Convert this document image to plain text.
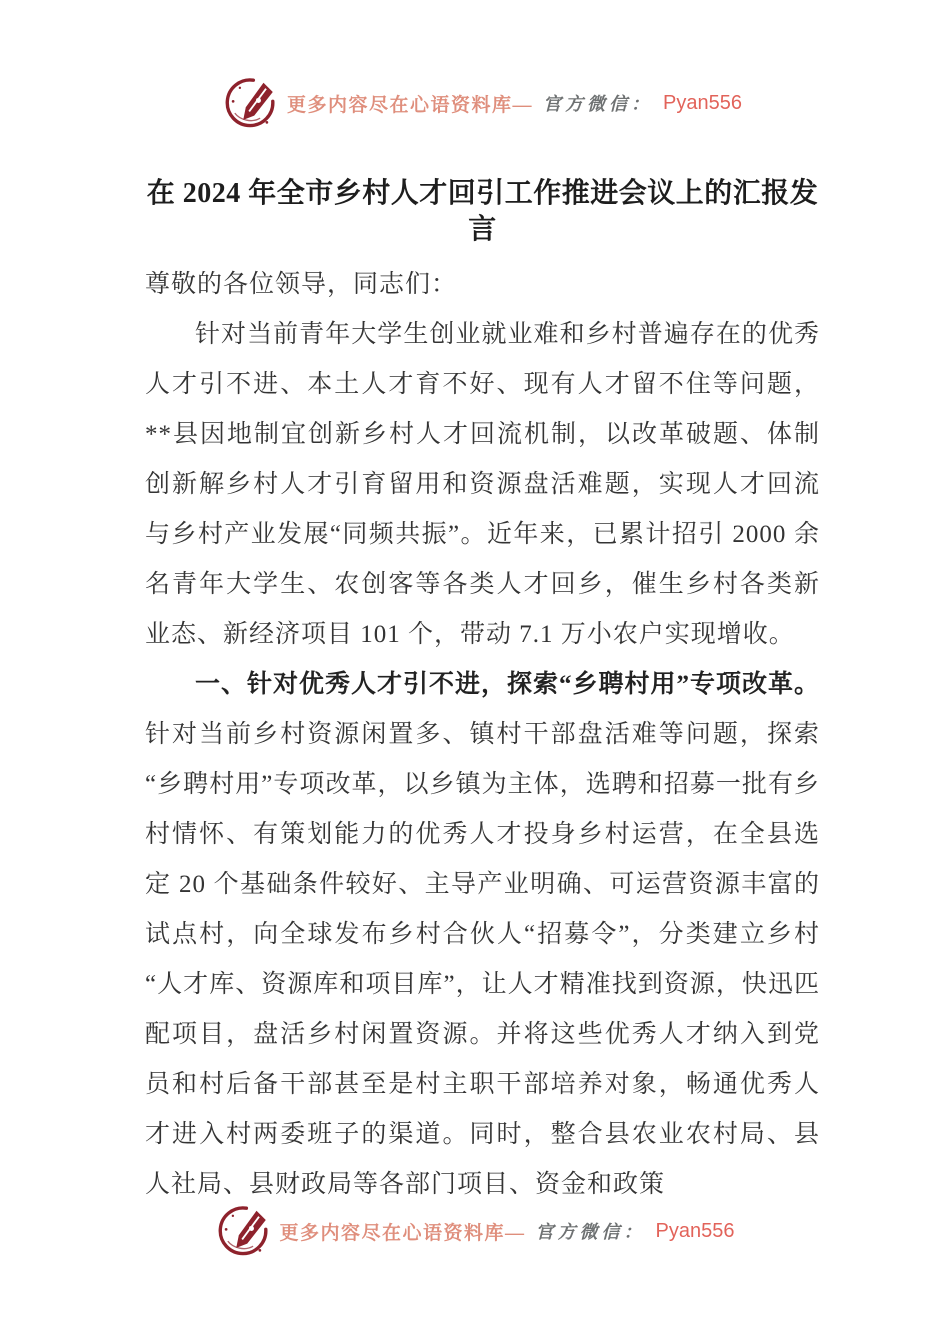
更多内容尽在心语资料库— 官方微信： Pyan556
在 2024 年全市乡村人才回引工作推进会议上的汇报发言

尊敬的各位领导，同志们：

针对当前青年大学生创业就业难和乡村普遍存在的优秀人才引不进、本土人才育不好、现有人才留不住等问题，**县因地制宜创新乡村人才回流机制，以改革破题、体制创新解乡村人才引育留用和资源盘活难题，实现人才回流与乡村产业发展“同频共振”。近年来，已累计招引 2000 余名青年大学生、农创客等各类人才回乡，催生乡村各类新业态、新经济项目 101 个，带动 7.1 万小农户实现增收。

一、针对优秀人才引不进，探索“乡聘村用”专项改革。针对当前乡村资源闲置多、镇村干部盘活难等问题，探索“乡聘村用”专项改革，以乡镇为主体，选聘和招募一批有乡村情怀、有策划能力的优秀人才投身乡村运营，在全县选定 20 个基础条件较好、主导产业明确、可运营资源丰富的试点村，向全球发布乡村合伙人“招募令”，分类建立乡村“人才库、资源库和项目库”，让人才精准找到资源，快迅匹配项目，盘活乡村闲置资源。并将这些优秀人才纳入到党员和村后备干部甚至是村主职干部培养对象，畅通优秀人才进入村两委班子的渠道。同时，整合县农业农村局、县人社局、县财政局等各部门项目、资金和政策

更多内容尽在心语资料库— 官方微信： Pyan556
